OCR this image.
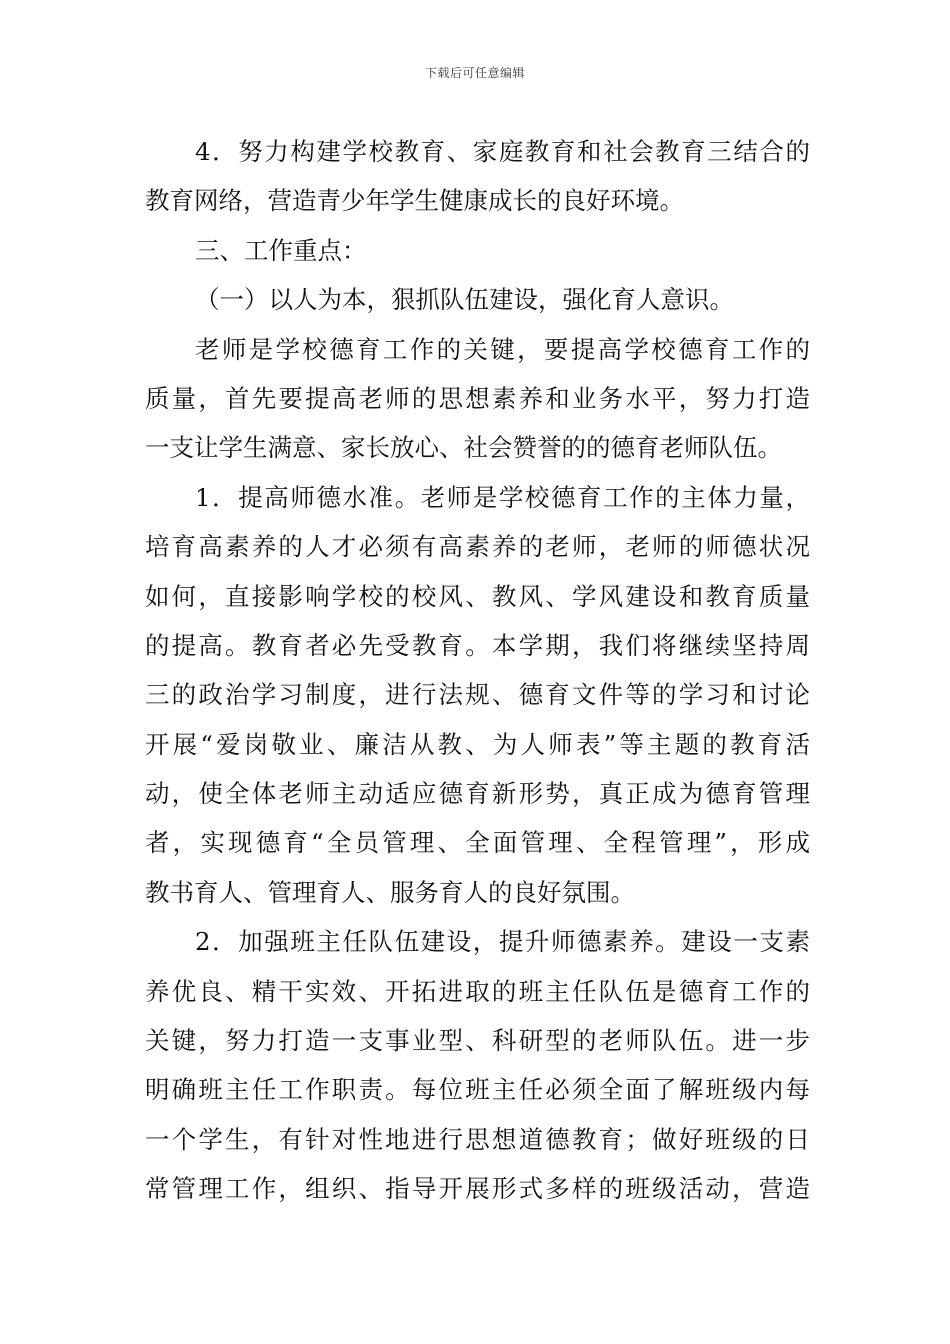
下载后可任意编辑
4．努力构建学校教育、家庭教育和社会教育三结合的
教育网络，营造青少年学生健康成长的良好环境。
三、工作重点：
（一）以人为本，狠抓队伍建设，强化育人意识。
老师是学校德育工作的关键，要提高学校德育工作的
质量，首先要提高老师的思想素养和业务水平，努力打造
一支让学生满意、家长放心、社会赞誉的的德育老师队伍。
1．提高师德水准。老师是学校德育工作的主体力量，
培育高素养的人才必须有高素养的老师，老师的师德状况
如何，直接影响学校的校风、教风、学风建设和教育质量
的提高。教育者必先受教育。本学期，我们将继续坚持周
三的政治学习制度，进行法规、德育文件等的学习和讨论
开展“爱岗敬业、廉洁从教、为人师表”等主题的教育活
动，使全体老师主动适应德育新形势，真正成为德育管理
者，实现德育“全员管理、全面管理、全程管理”，形成
教书育人、管理育人、服务育人的良好氛围。
2．加强班主任队伍建设，提升师德素养。建设一支素
养优良、精干实效、开拓进取的班主任队伍是德育工作的
关键，努力打造一支事业型、科研型的老师队伍。进一步
明确班主任工作职责。每位班主任必须全面了解班级内每
一个学生，有针对性地进行思想道德教育；做好班级的日
常管理工作，组织、指导开展形式多样的班级活动，营造
